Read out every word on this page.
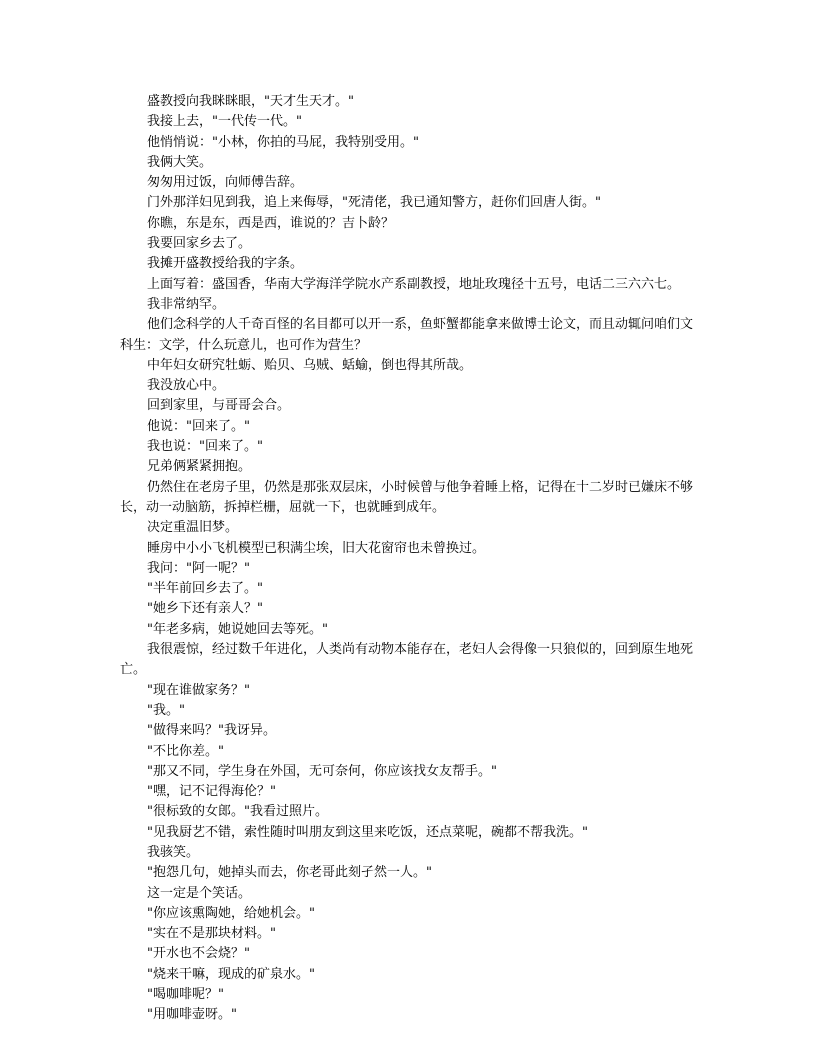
盛教授向我眯眯眼，"天才生天才。"

我接上去，"一代传一代。"

他悄悄说："小林，你拍的马屁，我特别受用。"

我俩大笑。

匆匆用过饭，向师傅告辞。

门外那洋妇见到我，追上来侮辱，"死清佬，我已通知警方，赶你们回唐人街。"

你瞧，东是东，西是西，谁说的？吉卜龄？

我要回家乡去了。

我摊开盛教授给我的字条。

上面写着：盛国香，华南大学海洋学院水产系副教授，地址玫瑰径十五号，电话二三六六七。

我非常纳罕。

他们念科学的人千奇百怪的名目都可以开一系，鱼虾蟹都能拿来做博士论文，而且动辄问咱们文科生：文学，什么玩意儿，也可作为营生？

中年妇女研究牡蛎、贻贝、乌贼、蛞蝓，倒也得其所哉。

我没放心中。

回到家里，与哥哥会合。

他说："回来了。"

我也说："回来了。"

兄弟俩紧紧拥抱。

仍然住在老房子里，仍然是那张双层床，小时候曾与他争着睡上格，记得在十二岁时已嫌床不够长，动一动脑筋，拆掉栏栅，屈就一下，也就睡到成年。

决定重温旧梦。

睡房中小小飞机模型已积满尘埃，旧大花窗帘也未曾换过。

我问："阿一呢？"

"半年前回乡去了。"

"她乡下还有亲人？"

"年老多病，她说她回去等死。"

我很震惊，经过数千年进化，人类尚有动物本能存在，老妇人会得像一只狼似的，回到原生地死亡。

"现在谁做家务？"

"我。"

"做得来吗？"我讶异。

"不比你差。"

"那又不同，学生身在外国，无可奈何，你应该找女友帮手。"

"嘿，记不记得海伦？"

"很标致的女郎。"我看过照片。

"见我厨艺不错，索性随时叫朋友到这里来吃饭，还点菜呢，碗都不帮我洗。"

我骇笑。

"抱怨几句，她掉头而去，你老哥此刻孑然一人。"

这一定是个笑话。

"你应该熏陶她，给她机会。"

"实在不是那块材料。"

"开水也不会烧？"

"烧来干嘛，现成的矿泉水。"

"喝咖啡呢？"

"用咖啡壶呀。"
